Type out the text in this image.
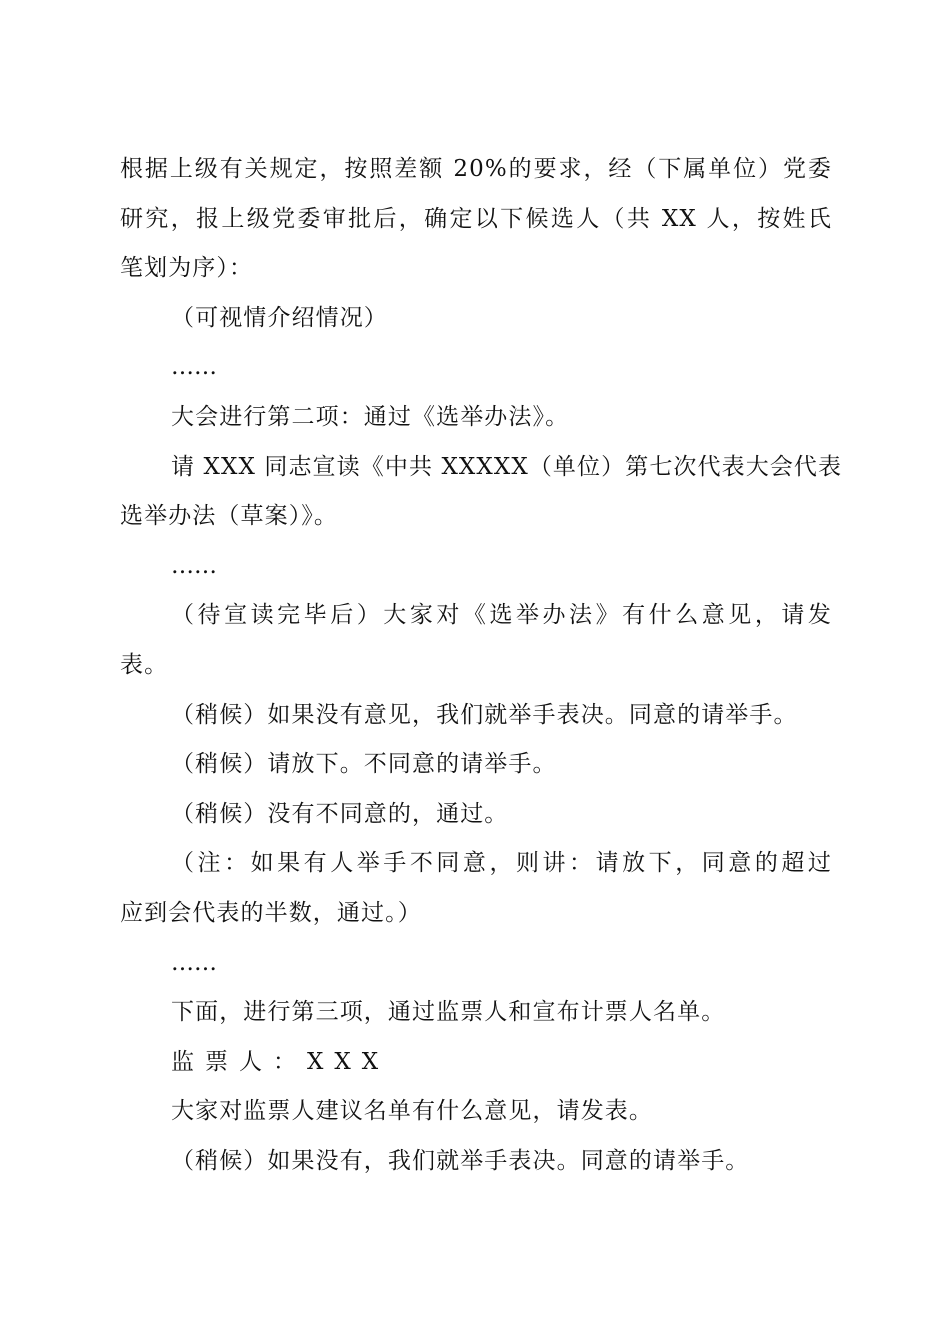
根据上级有关规定，按照差额 20%的要求，经（下属单位）党委
研究，报上级党委审批后，确定以下候选人（共 XX 人，按姓氏
笔划为序）：
（可视情介绍情况）
……
大会进行第二项：通过《选举办法》。
请 XXX 同志宣读《中共 XXXXX（单位）第七次代表大会代表
选举办法（草案）》。
……
（待宣读完毕后）大家对《选举办法》有什么意见，请发
表。
（稍候）如果没有意见，我们就举手表决。同意的请举手。
（稍候）请放下。不同意的请举手。
（稍候）没有不同意的，通过。
（注：如果有人举手不同意，则讲：请放下，同意的超过
应到会代表的半数，通过。）
……
下面，进行第三项，通过监票人和宣布计票人名单。
监票人：XXX
大家对监票人建议名单有什么意见，请发表。
（稍候）如果没有，我们就举手表决。同意的请举手。
